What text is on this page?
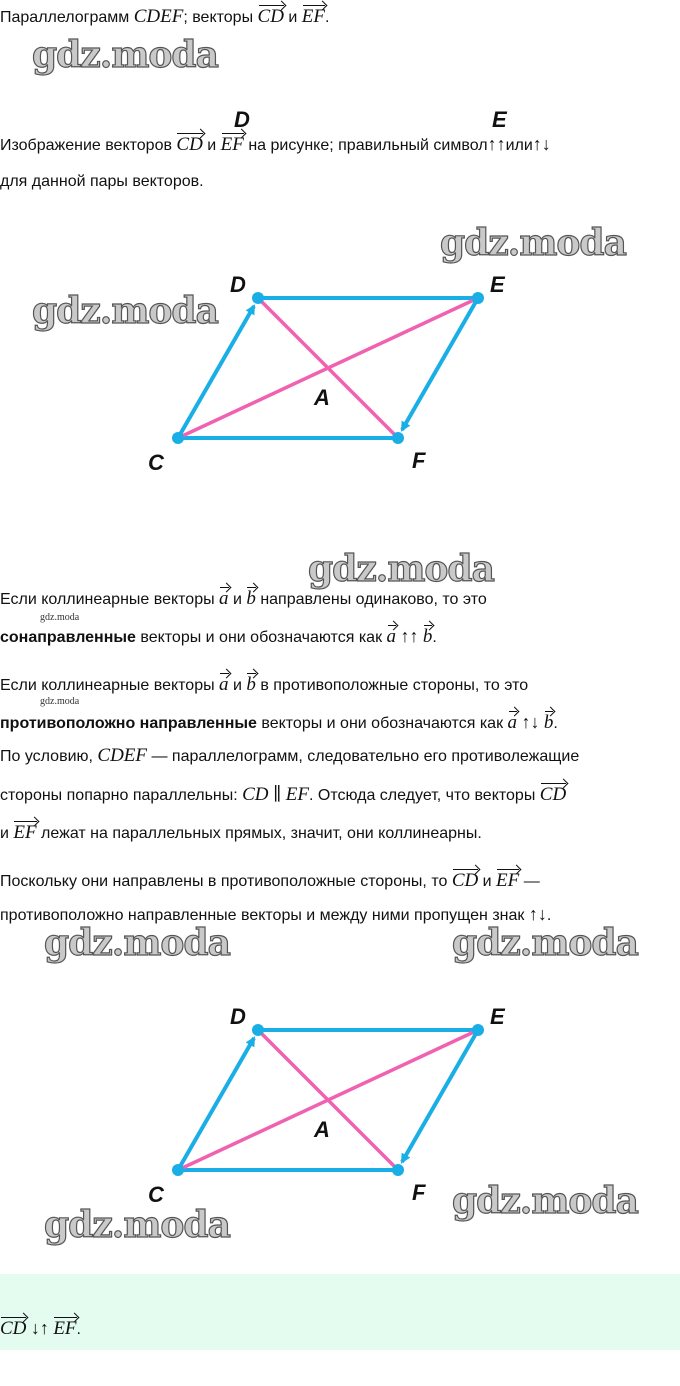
Параллелограмм CDEF; векторы CD и EF.
gdz.moda
D	E
Изображение векторов CD и EF на рисунке; правильный символ↑↑или↑↓
для данной пары векторов.
gdz.moda
gdz.moda
D	E
C	F
A
gdz.moda
Если коллинеарные векторы a и b направлены одинаково, то это
gdz.moda
сонаправленные векторы и они обозначаются как a ↑↑ b.
Если коллинеарные векторы a и b в противоположные стороны, то это
gdz.moda
противоположно направленные векторы и они обозначаются как a ↑↓ b.
По условию, CDEF — параллелограмм, следовательно его противолежащие
стороны попарно параллельны: CD ∥ EF. Отсюда следует, что векторы CD
и EF лежат на параллельных прямых, значит, они коллинеарны.
Поскольку они направлены в противоположные стороны, то CD и EF —
противоположно направленные векторы и между ними пропущен знак ↑↓.
gdz.moda	gdz.moda
D	E
C	F
A
gdz.moda
gdz.moda
CD ↓↑ EF.
